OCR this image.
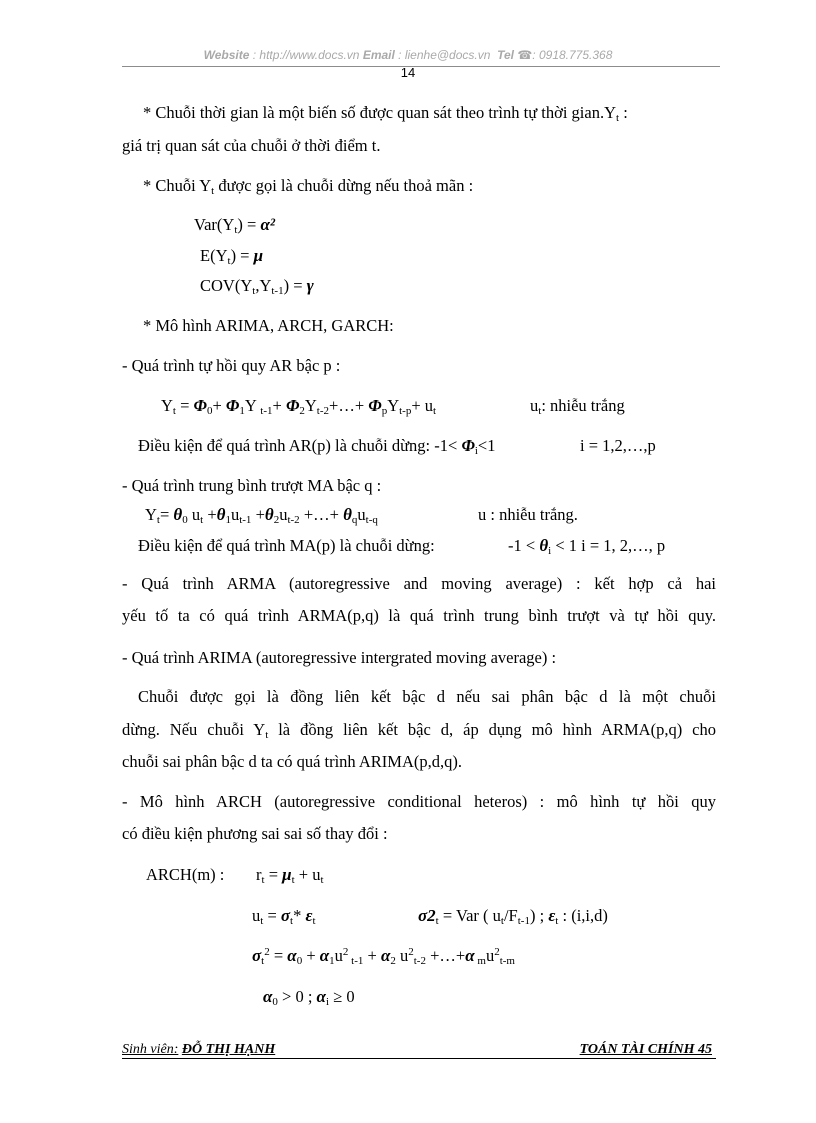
Website : http://www.docs.vn Email : lienhe@docs.vn Tel ☎: 0918.775.368
14
* Chuỗi thời gian là một biến số được quan sát theo trình tự thời $gian.Y_t$ :
giá trị quan sát của chuỗi ở thời điểm t.
* Chuỗi $Y_t$ được gọi là chuỗi dừng nếu thoả mãn :
$Var(Y_t) = \alpha^2$
$E(Y_t) = \mu$
$COV(Y_t,Y_{t-1}) = \gamma$
* Mô hình ARIMA, ARCH, GARCH:
- Quá trình tự hồi quy AR bậc p :
$Y_t = \Phi_0+ \Phi_1Y$ $_{t-1}+ \Phi_2Y_{t-2}+\dots+ \Phi_pY_{t-p}+ u_t$	$u_t$: nhiễu trắng
Điều kiện để quá trình AR(p) là chuỗi dừng: $-1< \Phi_i<1$	i = 1,2,…,p
- Quá trình trung bình trượt MA bậc q :
$Y_t= \theta_0$ $u_t +\theta_1u_{t-1} +\theta_2u_{t-2}$ +…+ $\theta_qu_{t-q}$	u : nhiễu trắng.
Điều kiện để quá trình MA(p) là chuỗi dừng:	$-1 < \theta_i < 1$ i = 1, 2,…, p
- Quá trình ARMA (autoregressive and moving average) : kết hợp cả hai
yếu tố ta có quá trình ARMA(p,q) là quá trình trung bình trượt và tự hồi quy.
- Quá trình ARIMA (autoregressive intergrated moving average) :
Chuỗi được gọi là đồng liên kết bậc d nếu sai phân bậc d là một chuỗi
dừng. Nếu chuỗi $Y_t$ là đồng liên kết bậc d, áp dụng mô hình ARMA(p,q) cho
chuỗi sai phân bậc d ta có quá trình ARIMA(p,d,q).
- Mô hình ARCH (autoregressive conditional heteros) : mô hình tự hồi quy
có điều kiện phương sai sai số thay đổi :
ARCH(m) : $r_t = \mu_t + u_t$
$u_t = \sigma_t*$ $\varepsilon_t$	$\sigma 2_t$ = Var ( $u_t/F_{t-1}$) ; $\varepsilon_t$ : (i,i,d)
$\sigma_t^2 = \alpha_0 + \alpha_1u^2$ $_{t-1} + \alpha_2$ $u^2_{t-2}$ +…+α $_mu^2_{t-m}$
$\alpha_0 > 0$ ; $\alpha_i \ge 0$
Sinh viên: ĐỖ THỊ HẠNH	TOÁN TÀI CHÍNH 45
